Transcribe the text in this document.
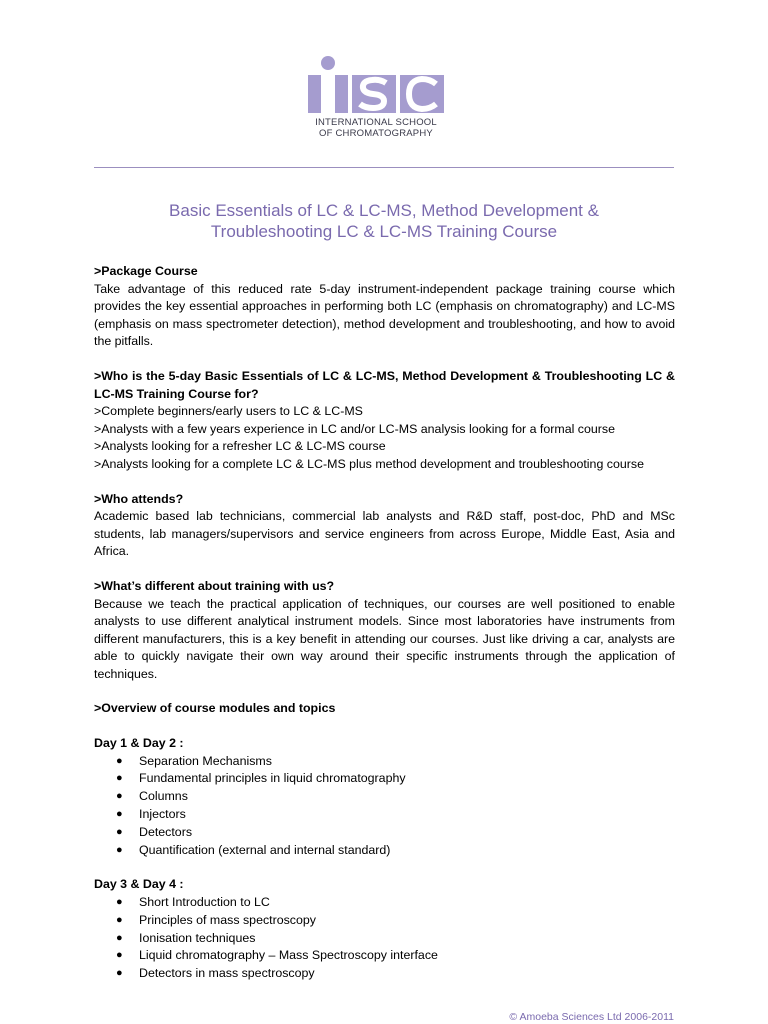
INTERNATIONAL SCHOOL
OF CHROMATOGRAPHY
Basic Essentials of LC & LC-MS, Method Development &
Troubleshooting LC & LC-MS Training Course

>Package Course

Take advantage of this reduced rate 5-day instrument-independent package training course which provides the key essential approaches in performing both LC (emphasis on chromatography) and LC-MS (emphasis on mass spectrometer detection), method development and troubleshooting, and how to avoid the pitfalls.

>Who is the 5-day Basic Essentials of LC & LC-MS, Method Development & Troubleshooting LC & LC-MS Training Course for?

>Complete beginners/early users to LC & LC-MS

>Analysts with a few years experience in LC and/or LC-MS analysis looking for a formal course

>Analysts looking for a refresher LC & LC-MS course

>Analysts looking for a complete LC & LC-MS plus method development and troubleshooting course

>Who attends?

Academic based lab technicians, commercial lab analysts and R&D staff, post-doc, PhD and MSc students, lab managers/supervisors and service engineers from across Europe, Middle East, Asia and Africa.

>What’s different about training with us?

Because we teach the practical application of techniques, our courses are well positioned to enable analysts to use different analytical instrument models. Since most laboratories have instruments from different manufacturers, this is a key benefit in attending our courses. Just like driving a car, analysts are able to quickly navigate their own way around their specific instruments through the application of techniques.

>Overview of course modules and topics

Day 1 & Day 2 :

● Separation Mechanisms
● Fundamental principles in liquid chromatography
● Columns
● Injectors
● Detectors
● Quantification (external and internal standard)

Day 3 & Day 4 :

● Short Introduction to LC
● Principles of mass spectroscopy
● Ionisation techniques
● Liquid chromatography – Mass Spectroscopy interface
● Detectors in mass spectroscopy
© Amoeba Sciences Ltd 2006-2011
